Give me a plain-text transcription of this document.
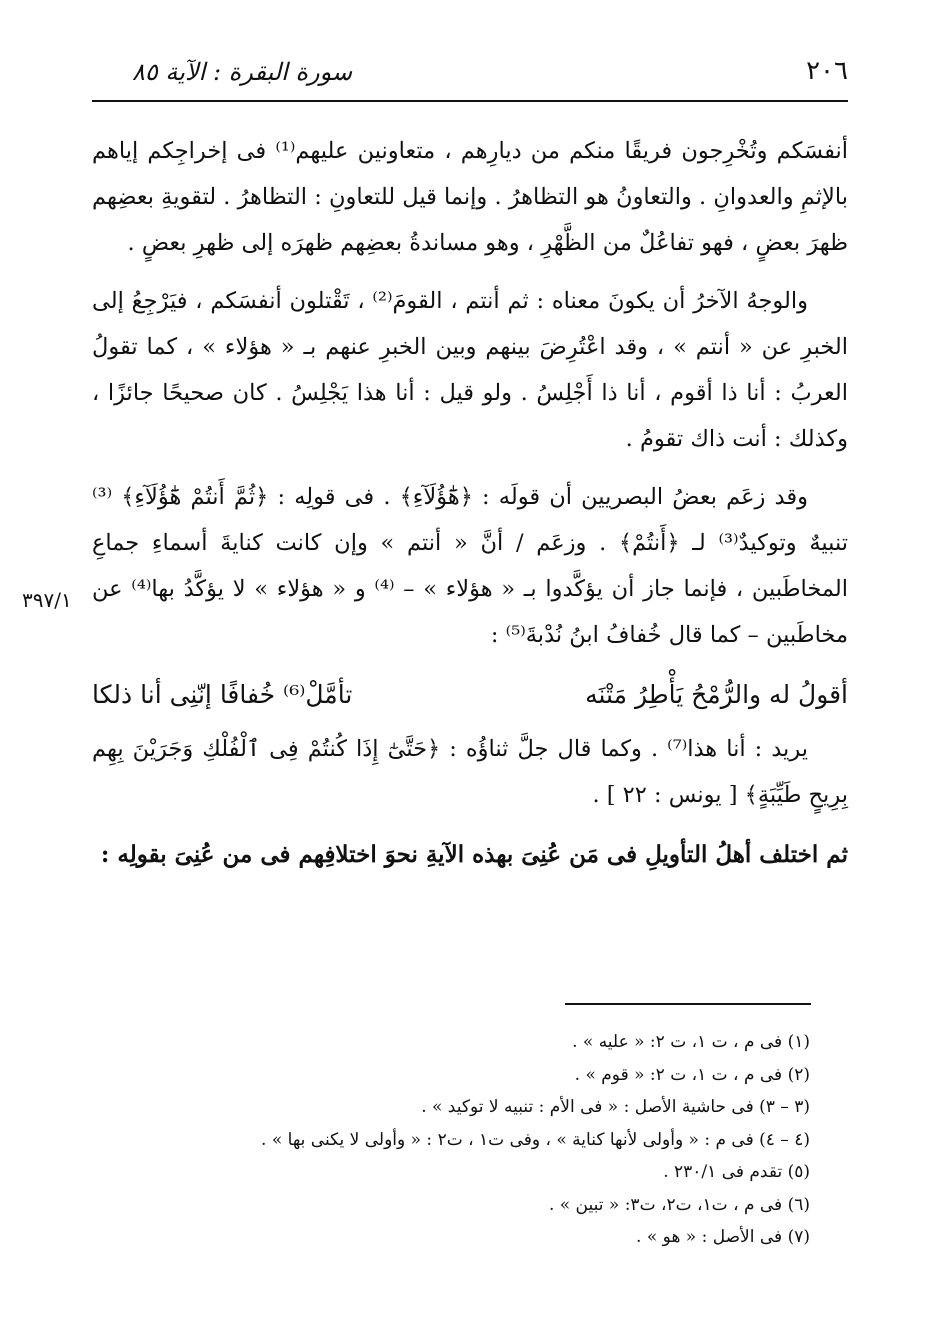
٢٠٦
سورة البقرة : الآية ٨٥
٣٩٧/١

أنفسَكم وتُخْرِجون فريقًا منكم من ديارِهم ، متعاونين عليهم⁽¹⁾ فى إخراجِكم إياهم بالإثمِ والعدوانِ . والتعاونُ هو التظاهرُ . وإنما قيل للتعاونِ : التظاهرُ . لتقويةِ بعضِهم ظهرَ بعضٍ ، فهو تفاعُلٌ من الظَّهْرِ ، وهو مساندةُ بعضِهم ظهرَه إلى ظهرِ بعضٍ .

والوجهُ الآخرُ أن يكونَ معناه : ثم أنتم ، القومَ⁽²⁾ ، تَقْتلون أنفسَكم ، فيَرْجِعُ إلى الخبرِ عن « أنتم » ، وقد اعْتُرِضَ بينهم وبين الخبرِ عنهم بـ « هؤلاء » ، كما تقولُ العربُ : أنا ذا أقوم ، أنا ذا أَجْلِسُ . ولو قيل : أنا هذا يَجْلِسُ . كان صحيحًا جائزًا ، وكذلك : أنت ذاك تقومُ .

وقد زعَم بعضُ البصريين أن قولَه : ﴿هَٰٓؤُلَآءِ﴾ . فى قولِه : ﴿ثُمَّ أَنتُمْ هَٰٓؤُلَآءِ﴾ ⁽³⁾ تنبيهٌ وتوكيدٌ⁽³⁾ لـ ﴿أَنتُمْ﴾ . وزعَم / أنَّ « أنتم » وإن كانت كنايةَ أسماءِ جماعِ المخاطَبين ، فإنما جاز أن يؤكَّدوا بـ « هؤلاء » – ⁽⁴⁾ و « هؤلاء » لا يؤكَّدُ بها⁽⁴⁾ عن مخاطَبين – كما قال خُفافُ ابنُ نُدْبةَ⁽⁵⁾ :

أقولُ له والرُّمْحُ يَأْطِرُ مَتْنَه
تأمَّلْ⁽⁶⁾ خُفافًا إنّنِى أنا ذلكا

يريد : أنا هذا⁽⁷⁾ . وكما قال جلَّ ثناؤُه : ﴿حَتَّىٰٓ إِذَا كُنتُمْ فِى ٱلْفُلْكِ وَجَرَيْنَ بِهِم بِرِيحٍ طَيِّبَةٍ﴾ [ يونس : ٢٢ ] .

ثم اختلف أهلُ التأويلِ فى مَن عُنِىَ بهذه الآيةِ نحوَ اختلافِهم فى من عُنِىَ بقولِه :

(١) فى م ، ت ١، ت ٢: « عليه » .

(٢) فى م ، ت ١، ت ٢: « قوم » .

(٣ – ٣) فى حاشية الأصل : « فى الأم : تنبيه لا توكيد » .

(٤ – ٤) فى م : « وأولى لأنها كناية » ، وفى ت١ ، ت٢ : « وأولى لا يكنى بها » .

(٥) تقدم فى ٢٣٠/١ .

(٦) فى م ، ت١، ت٢، ت٣: « تبين » .

(٧) فى الأصل : « هو » .
